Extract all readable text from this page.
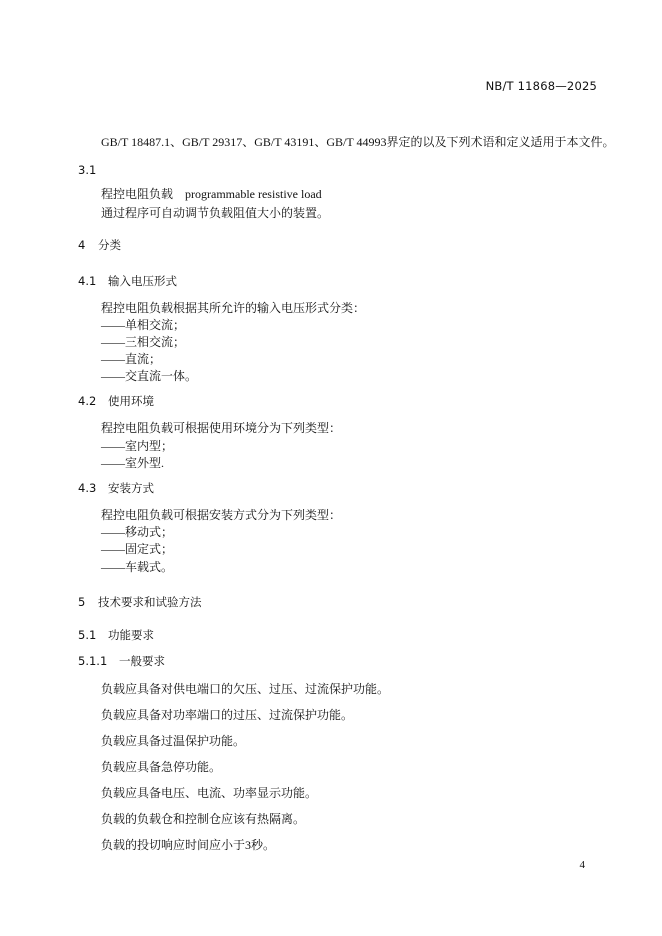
NB/T 11868—2025
GB/T 18487.1、GB/T 29317、GB/T 43191、GB/T 44993界定的以及下列术语和定义适用于本文件。
3.1
程控电阻负载 programmable resistive load
通过程序可自动调节负载阻值大小的装置。
4 分类
4.1 输入电压形式
程控电阻负载根据其所允许的输入电压形式分类：
——单相交流；
——三相交流；
——直流；
——交直流一体。
4.2 使用环境
程控电阻负载可根据使用环境分为下列类型：
——室内型；
——室外型.
4.3 安装方式
程控电阻负载可根据安装方式分为下列类型：
——移动式；
——固定式；
——车载式。
5 技术要求和试验方法
5.1 功能要求
5.1.1 一般要求
负载应具备对供电端口的欠压、过压、过流保护功能。
负载应具备对功率端口的过压、过流保护功能。
负载应具备过温保护功能。
负载应具备急停功能。
负载应具备电压、电流、功率显示功能。
负载的负载仓和控制仓应该有热隔离。
负载的投切响应时间应小于3秒。
4
